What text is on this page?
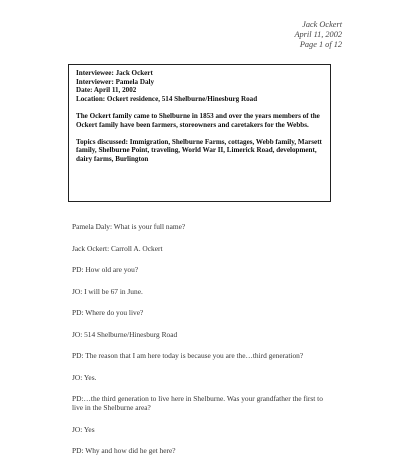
Jack Ockert
April 11, 2002
Page 1 of 12
Interviewee: Jack Ockert
Interviewer: Pamela Daly
Date: April 11, 2002
Location: Ockert residence, 514 Shelburne/Hinesburg Road
The Ockert family came to Shelburne in 1853 and over the years members of the Ockert family have been farmers, storeowners and caretakers for the Webbs.
Topics discussed: Immigration, Shelburne Farms, cottages, Webb family, Marsett family, Shelburne Point, traveling, World War II, Limerick Road, development, dairy farms, Burlington

Pamela Daly: What is your full name?

Jack Ockert: Carroll A. Ockert

PD: How old are you?

JO: I will be 67 in June.

PD: Where do you live?

JO: 514 Shelburne/Hinesburg Road

PD: The reason that I am here today is because you are the…third generation?

JO: Yes.

PD:…the third generation to live here in Shelburne. Was your grandfather the first to live in the Shelburne area?

JO: Yes

PD: Why and how did he get here?
